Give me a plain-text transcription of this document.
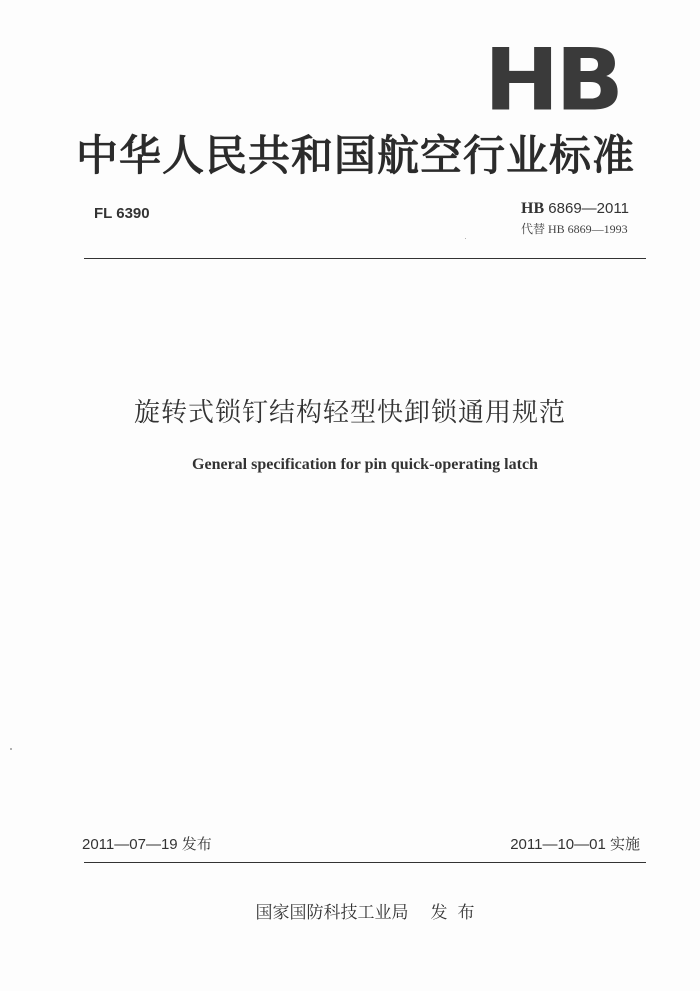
HB
中华人民共和国航空行业标准
FL 6390	HB 6869—2011
代替 HB 6869—1993
旋转式锁钉结构轻型快卸锁通用规范
General specification for pin quick-operating latch
2011—07—19 发布	2011—10—01 实施
国家国防科技工业局 发 布
